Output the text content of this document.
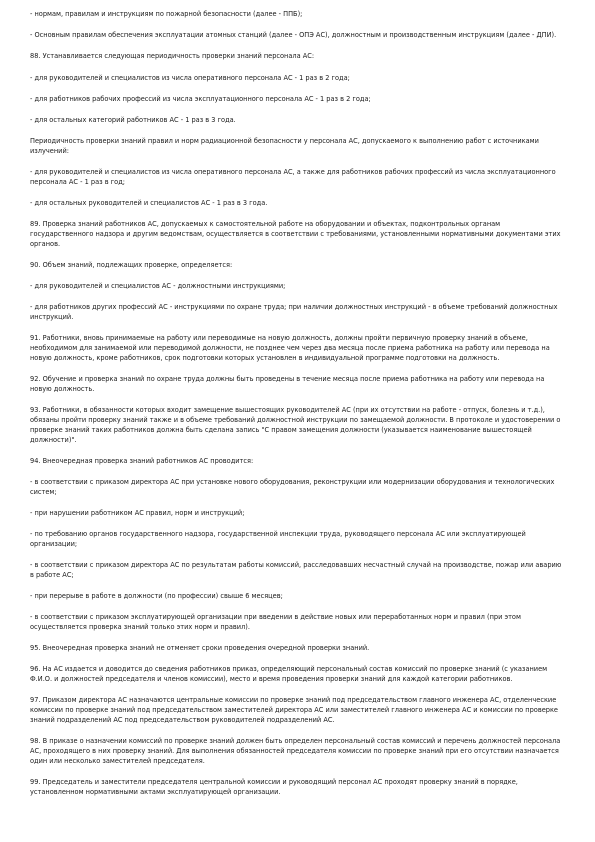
- нормам, правилам и инструкциям по пожарной безопасности (далее - ППБ);

- Основным правилам обеспечения эксплуатации атомных станций (далее - ОПЭ АС), должностным и производственным инструкциям (далее - ДПИ).

88. Устанавливается следующая периодичность проверки знаний персонала АС:

- для руководителей и специалистов из числа оперативного персонала АС - 1 раз в 2 года;

- для работников рабочих профессий из числа эксплуатационного персонала АС - 1 раз в 2 года;

- для остальных категорий работников АС - 1 раз в 3 года.

Периодичность проверки знаний правил и норм радиационной безопасности у персонала АС, допускаемого к выполнению работ с источниками излучений:

- для руководителей и специалистов из числа оперативного персонала АС, а также для работников рабочих профессий из числа эксплуатационного персонала АС - 1 раз в год;

- для остальных руководителей и специалистов АС - 1 раз в 3 года.

89. Проверка знаний работников АС, допускаемых к самостоятельной работе на оборудовании и объектах, подконтрольных органам государственного надзора и другим ведомствам, осуществляется в соответствии с требованиями, установленными нормативными документами этих органов.

90. Объем знаний, подлежащих проверке, определяется:

- для руководителей и специалистов АС - должностными инструкциями;

- для работников других профессий АС - инструкциями по охране труда; при наличии должностных инструкций - в объеме требований должностных инструкций.

91. Работники, вновь принимаемые на работу или переводимые на новую должность, должны пройти первичную проверку знаний в объеме, необходимом для занимаемой или переводимой должности, не позднее чем через два месяца после приема работника на работу или перевода на новую должность, кроме работников, срок подготовки которых установлен в индивидуальной программе подготовки на должность.

92. Обучение и проверка знаний по охране труда должны быть проведены в течение месяца после приема работника на работу или перевода на новую должность.

93. Работники, в обязанности которых входит замещение вышестоящих руководителей АС (при их отсутствии на работе - отпуск, болезнь и т.д.), обязаны пройти проверку знаний также и в объеме требований должностной инструкции по замещаемой должности. В протоколе и удостоверении о проверке знаний таких работников должна быть сделана запись "С правом замещения должности (указывается наименование вышестоящей должности)".

94. Внеочередная проверка знаний работников АС проводится:

- в соответствии с приказом директора АС при установке нового оборудования, реконструкции или модернизации оборудования и технологических систем;

- при нарушении работником АС правил, норм и инструкций;

- по требованию органов государственного надзора, государственной инспекции труда, руководящего персонала АС или эксплуатирующей организации;

- в соответствии с приказом директора АС по результатам работы комиссий, расследовавших несчастный случай на производстве, пожар или аварию в работе АС;

- при перерыве в работе в должности (по профессии) свыше 6 месяцев;

- в соответствии с приказом эксплуатирующей организации при введении в действие новых или переработанных норм и правил (при этом осуществляется проверка знаний только этих норм и правил).

95. Внеочередная проверка знаний не отменяет сроки проведения очередной проверки знаний.

96. На АС издается и доводится до сведения работников приказ, определяющий персональный состав комиссий по проверке знаний (с указанием Ф.И.О. и должностей председателя и членов комиссии), место и время проведения проверки знаний для каждой категории работников.

97. Приказом директора АС назначаются центральные комиссии по проверке знаний под председательством главного инженера АС, отделенческие комиссии по проверке знаний под председательством заместителей директора АС или заместителей главного инженера АС и комиссии по проверке знаний подразделений АС под председательством руководителей подразделений АС.

98. В приказе о назначении комиссий по проверке знаний должен быть определен персональный состав комиссий и перечень должностей персонала АС, проходящего в них проверку знаний. Для выполнения обязанностей председателя комиссии по проверке знаний при его отсутствии назначается один или несколько заместителей председателя.

99. Председатель и заместители председателя центральной комиссии и руководящий персонал АС проходят проверку знаний в порядке, установленном нормативными актами эксплуатирующей организации.
